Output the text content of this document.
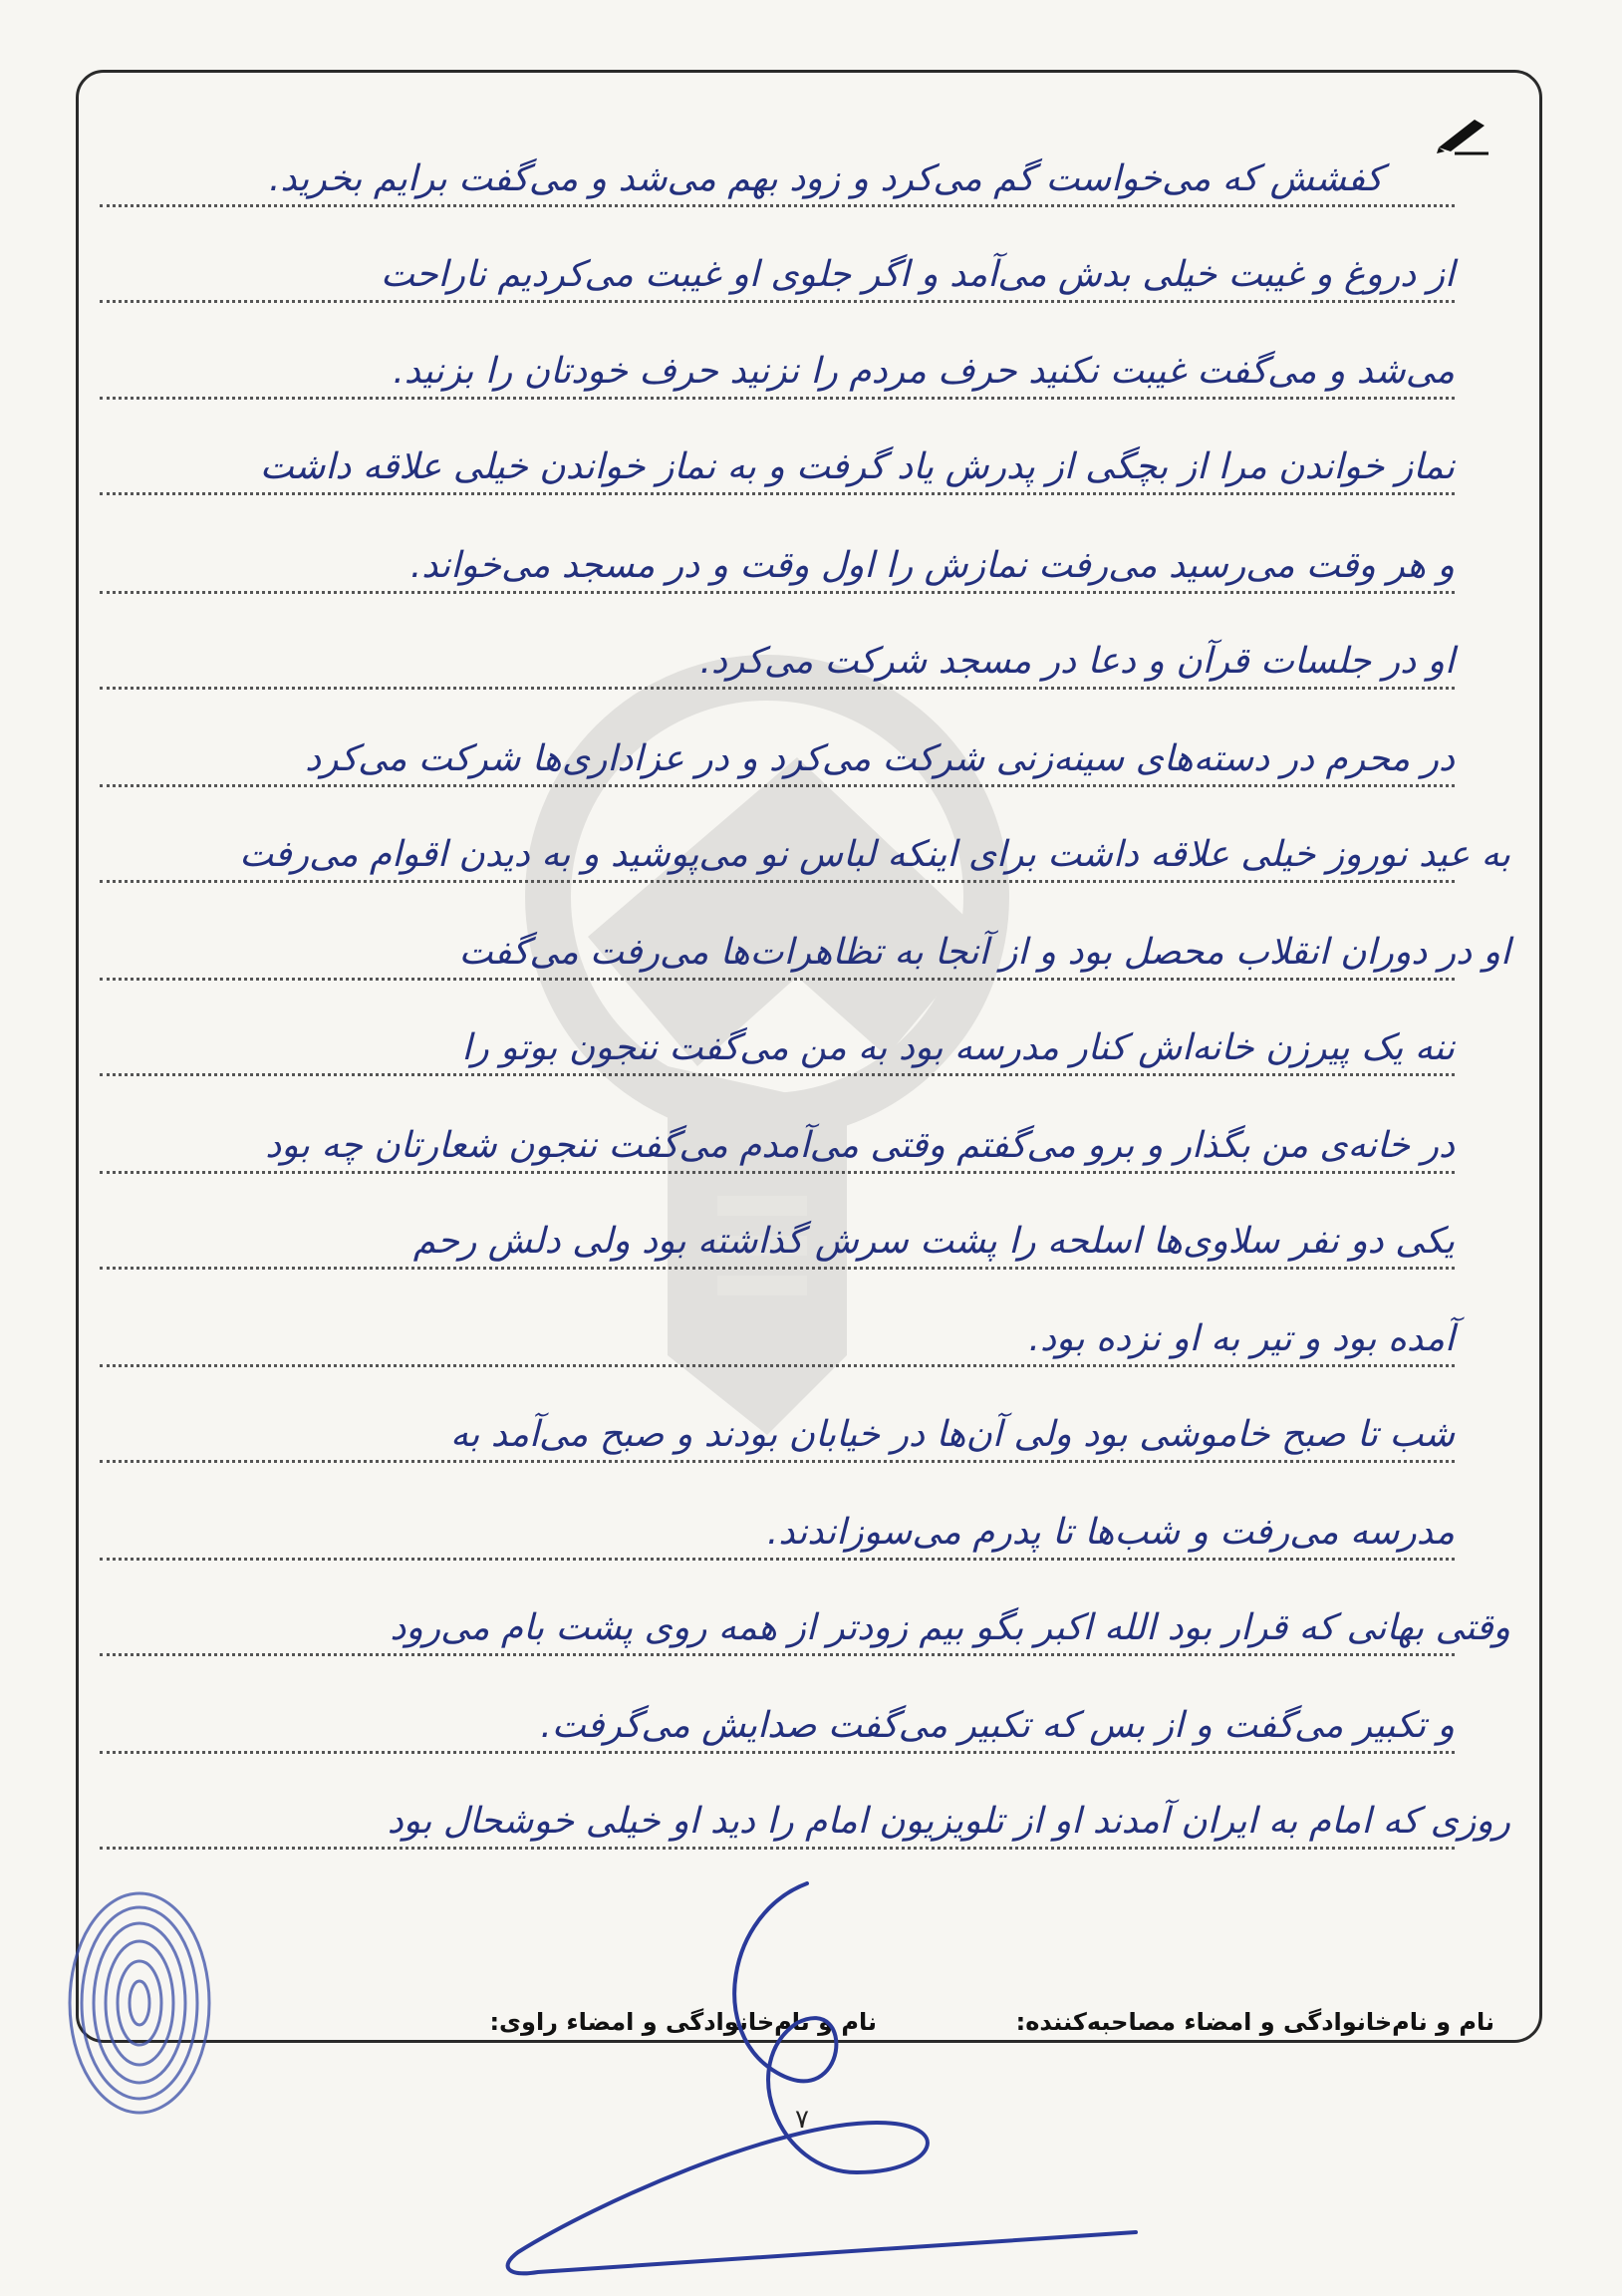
کفشش که می‌خواست گم می‌کرد و زود بهم می‌شد و می‌گفت برایم بخرید.
از دروغ و غیبت خیلی بدش می‌آمد و اگر جلوی او غیبت می‌کردیم ناراحت
می‌شد و می‌گفت غیبت نکنید حرف مردم را نزنید حرف خودتان را بزنید.
نماز خواندن مرا از بچگی از پدرش یاد گرفت و به نماز خواندن خیلی علاقه داشت
و هر وقت می‌رسید می‌رفت نمازش را اول وقت و در مسجد می‌خواند.
او در جلسات قرآن و دعا در مسجد شرکت می‌کرد.
در محرم در دسته‌های سینه‌زنی شرکت می‌کرد و در عزاداری‌ها شرکت می‌کرد
به عید نوروز خیلی علاقه داشت برای اینکه لباس نو می‌پوشید و به دیدن اقوام می‌رفت
او در دوران انقلاب محصل بود و از آنجا به تظاهرات‌ها می‌رفت می‌گفت
ننه یک پیرزن خانه‌اش کنار مدرسه بود به من می‌گفت ننجون بوتو را
در خانه‌ی من بگذار و برو می‌گفتم وقتی می‌آمدم می‌گفت ننجون شعارتان چه بود
یکی دو نفر سلاوی‌ها اسلحه را پشت سرش گذاشته بود ولی دلش رحم
آمده بود و تیر به او نزده بود.
شب تا صبح خاموشی بود ولی آن‌ها در خیابان بودند و صبح می‌آمد به
مدرسه می‌رفت و شب‌ها تا پدرم می‌سوزاندند.
وقتی بهانی که قرار بود الله اکبر بگو بیم زودتر از همه روی پشت بام می‌رود
و تکبیر می‌گفت و از بس که تکبیر می‌گفت صدایش می‌گرفت.
روزی که امام به ایران آمدند او از تلویزیون امام را دید او خیلی خوشحال بود
نام و نام‌خانوادگی و امضاء مصاحبه‌کننده:
نام و نام‌خانوادگی و امضاء راوی:
۷
